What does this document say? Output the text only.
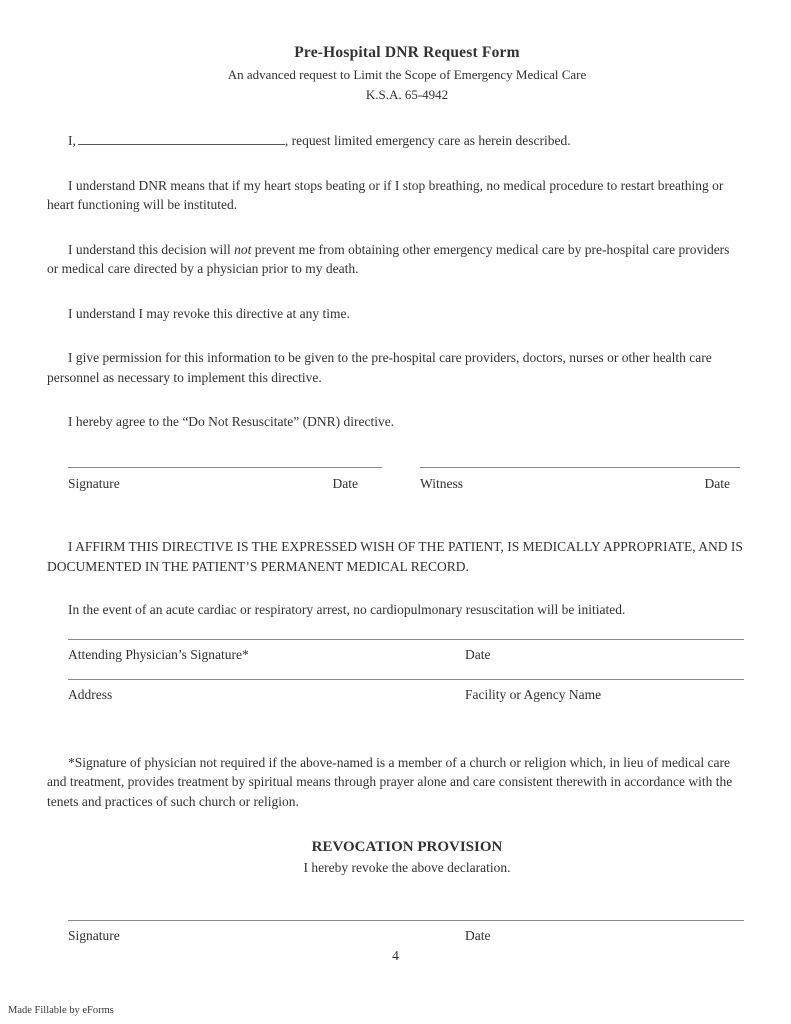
Pre-Hospital DNR Request Form
An advanced request to Limit the Scope of Emergency Medical Care
K.S.A. 65-4942
I,	, request limited emergency care as herein described.

I understand DNR means that if my heart stops beating or if I stop breathing, no medical procedure to restart breathing or heart functioning will be instituted.

I understand this decision will not prevent me from obtaining other emergency medical care by pre-hospital care providers or medical care directed by a physician prior to my death.

I understand I may revoke this directive at any time.

I give permission for this information to be given to the pre-hospital care providers, doctors, nurses or other health care personnel as necessary to implement this directive.

I hereby agree to the “Do Not Resuscitate” (DNR) directive.

Signature	Date	Witness	Date

I AFFIRM THIS DIRECTIVE IS THE EXPRESSED WISH OF THE PATIENT, IS MEDICALLY APPROPRIATE, AND IS DOCUMENTED IN THE PATIENT’S PERMANENT MEDICAL RECORD.

In the event of an acute cardiac or respiratory arrest, no cardiopulmonary resuscitation will be initiated.

Attending Physician’s Signature*	Date
Address	Facility or Agency Name

*Signature of physician not required if the above-named is a member of a church or religion which, in lieu of medical care and treatment, provides treatment by spiritual means through prayer alone and care consistent therewith in accordance with the tenets and practices of such church or religion.

REVOCATION PROVISION
I hereby revoke the above declaration.
Signature	Date
4
Made Fillable by eForms
